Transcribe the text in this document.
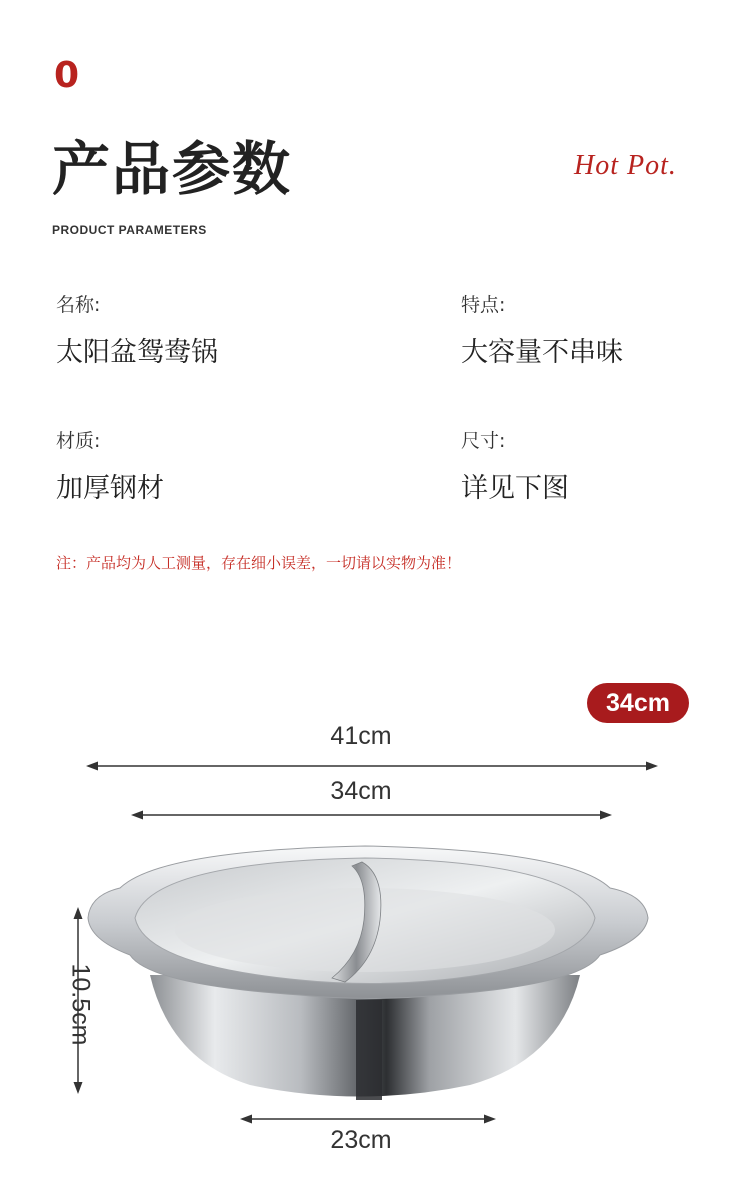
0
产品参数
PRODUCT PARAMETERS
Hot Pot.
名称:
太阳盆鸳鸯锅
特点:
大容量不串味
材质:
加厚钢材
尺寸:
详见下图
注：产品均为人工测量，存在细小误差，一切请以实物为准！
34cm
41cm
34cm
10.5cm
23cm
